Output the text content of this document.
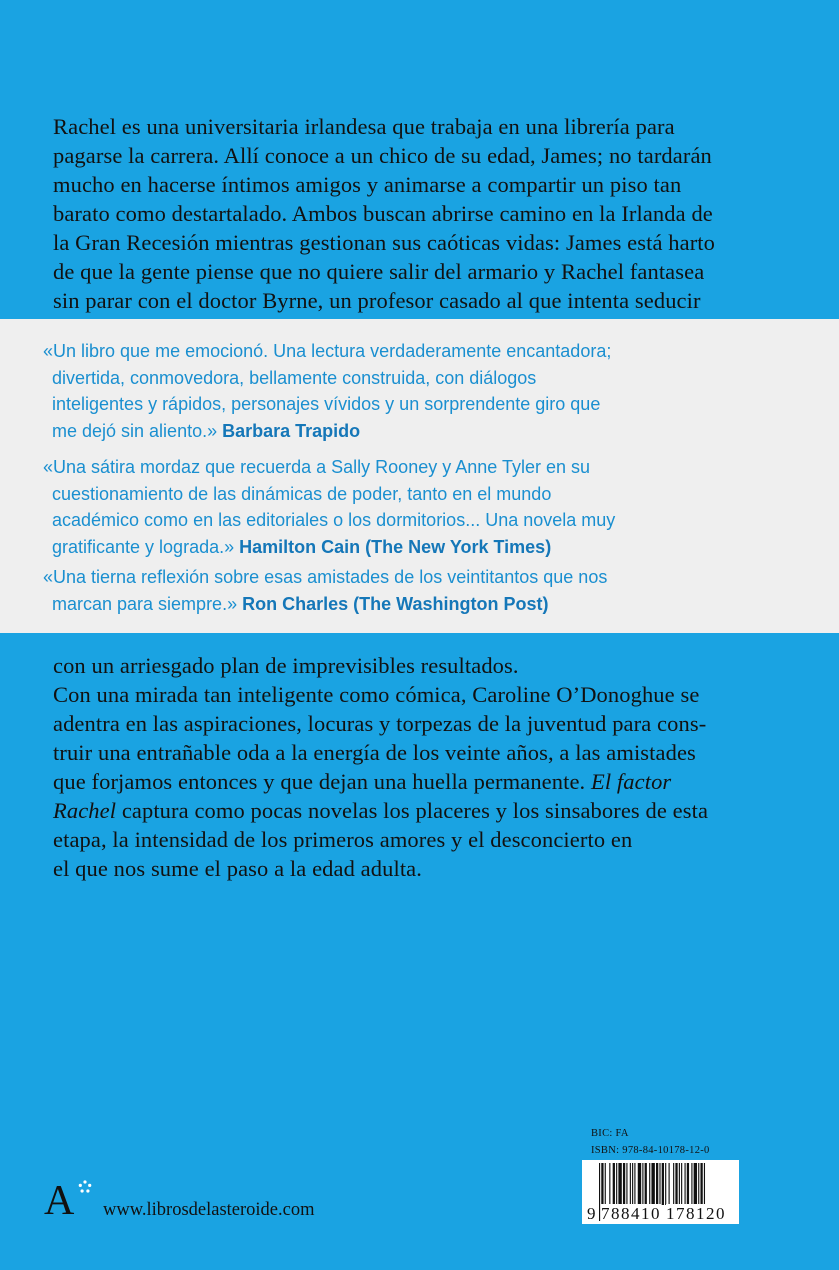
Rachel es una universitaria irlandesa que trabaja en una librería para
pagarse la carrera. Allí conoce a un chico de su edad, James; no tardarán
mucho en hacerse íntimos amigos y animarse a compartir un piso tan
barato como destartalado. Ambos buscan abrirse camino en la Irlanda de
la Gran Recesión mientras gestionan sus caóticas vidas: James está harto
de que la gente piense que no quiere salir del armario y Rachel fantasea
sin parar con el doctor Byrne, un profesor casado al que intenta seducir
«Un libro que me emocionó. Una lectura verdaderamente encantadora;
divertida, conmovedora, bellamente construida, con diálogos
inteligentes y rápidos, personajes vívidos y un sorprendente giro que
me dejó sin aliento.» Barbara Trapido
«Una sátira mordaz que recuerda a Sally Rooney y Anne Tyler en su
cuestionamiento de las dinámicas de poder, tanto en el mundo
académico como en las editoriales o los dormitorios... Una novela muy
gratificante y lograda.» Hamilton Cain (The New York Times)
«Una tierna reflexión sobre esas amistades de los veintitantos que nos
marcan para siempre.» Ron Charles (The Washington Post)
con un arriesgado plan de imprevisibles resultados.
Con una mirada tan inteligente como cómica, Caroline O’Donoghue se
adentra en las aspiraciones, locuras y torpezas de la juventud para cons-
truir una entrañable oda a la energía de los veinte años, a las amistades
que forjamos entonces y que dejan una huella permanente. El factor
Rachel captura como pocas novelas los placeres y los sinsabores de esta
etapa, la intensidad de los primeros amores y el desconcierto en
el que nos sume el paso a la edad adulta.
A www.librosdelasteroide.com
BIC: FA
ISBN: 978-84-10178-12-0
9 788410 178120
